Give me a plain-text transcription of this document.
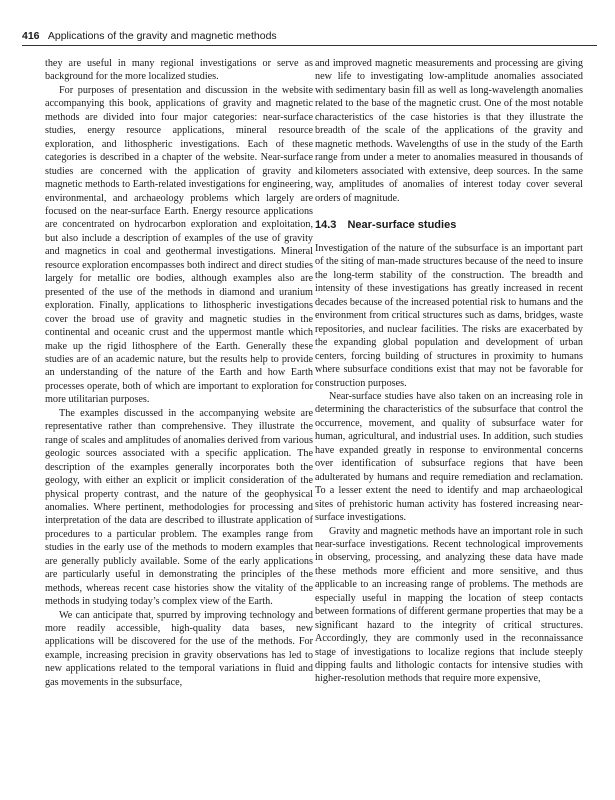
416 Applications of the gravity and magnetic methods

they are useful in many regional investigations or serve as background for the more localized studies.

For purposes of presentation and discussion in the website accompanying this book, applications of gravity and magnetic methods are divided into four major categories: near-surface studies, energy resource applications, mineral resource exploration, and lithospheric investigations. Each of these categories is described in a chapter of the website. Near-surface studies are concerned with the application of gravity and magnetic methods to Earth-related investigations for engineering, environmental, and archaeology problems which largely are focused on the near-surface Earth. Energy resource applications are concentrated on hydrocarbon exploration and exploitation, but also include a description of examples of the use of gravity and magnetics in coal and geothermal investigations. Mineral resource exploration encompasses both indirect and direct studies largely for metallic ore bodies, although examples also are presented of the use of the methods in diamond and uranium exploration. Finally, applications to lithospheric investigations cover the broad use of gravity and magnetic studies in the continental and oceanic crust and the uppermost mantle which make up the rigid lithosphere of the Earth. Generally these studies are of an academic nature, but the results help to provide an understanding of the nature of the Earth and how Earth processes operate, both of which are important to exploration for more utilitarian purposes.

The examples discussed in the accompanying website are representative rather than comprehensive. They illustrate the range of scales and amplitudes of anomalies derived from various geologic sources associated with a specific application. The description of the examples generally incorporates both the geology, with either an explicit or implicit consideration of the physical property contrast, and the nature of the geophysical anomalies. Where pertinent, methodologies for processing and interpretation of the data are described to illustrate application of procedures to a particular problem. The examples range from studies in the early use of the methods to modern examples that are generally publicly available. Some of the early applications are particularly useful in demonstrating the principles of the methods, whereas recent case histories show the vitality of the methods in studying today’s complex view of the Earth.

We can anticipate that, spurred by improving technology and more readily accessible, high-quality data bases, new applications will be discovered for the use of the methods. For example, increasing precision in gravity observations has led to new applications related to the temporal variations in fluid and gas movements in the subsurface,

and improved magnetic measurements and processing are giving new life to investigating low-amplitude anomalies associated with sedimentary basin fill as well as long-wavelength anomalies related to the base of the magnetic crust. One of the most notable characteristics of the case histories is that they illustrate the breadth of the scale of the applications of the gravity and magnetic methods. Wavelengths of use in the study of the Earth range from under a meter to anomalies measured in thousands of kilometers associated with extensive, deep sources. In the same way, amplitudes of anomalies of interest today cover several orders of magnitude.

14.3 Near-surface studies

Investigation of the nature of the subsurface is an important part of the siting of man-made structures because of the need to insure the long-term stability of the construction. The breadth and intensity of these investigations has greatly increased in recent decades because of the increased potential risk to humans and the environment from critical structures such as dams, bridges, waste repositories, and nuclear facilities. The risks are exacerbated by the expanding global population and development of urban centers, forcing building of structures in proximity to humans where subsurface conditions exist that may not be favorable for construction purposes.

Near-surface studies have also taken on an increasing role in determining the characteristics of the subsurface that control the occurrence, movement, and quality of subsurface water for human, agricultural, and industrial uses. In addition, such studies have expanded greatly in response to environmental concerns over identification of subsurface regions that have been adulterated by humans and require remediation and reclamation. To a lesser extent the need to identify and map archaeological sites of prehistoric human activity has fostered increasing near-surface investigations.

Gravity and magnetic methods have an important role in such near-surface investigations. Recent technological improvements in observing, processing, and analyzing these data have made these methods more efficient and more sensitive, and thus applicable to an increasing range of problems. The methods are especially useful in mapping the location of steep contacts between formations of different germane properties that may be a significant hazard to the integrity of critical structures. Accordingly, they are commonly used in the reconnaissance stage of investigations to localize regions that include steeply dipping faults and lithologic contacts for intensive studies with higher-resolution methods that require more expensive,
